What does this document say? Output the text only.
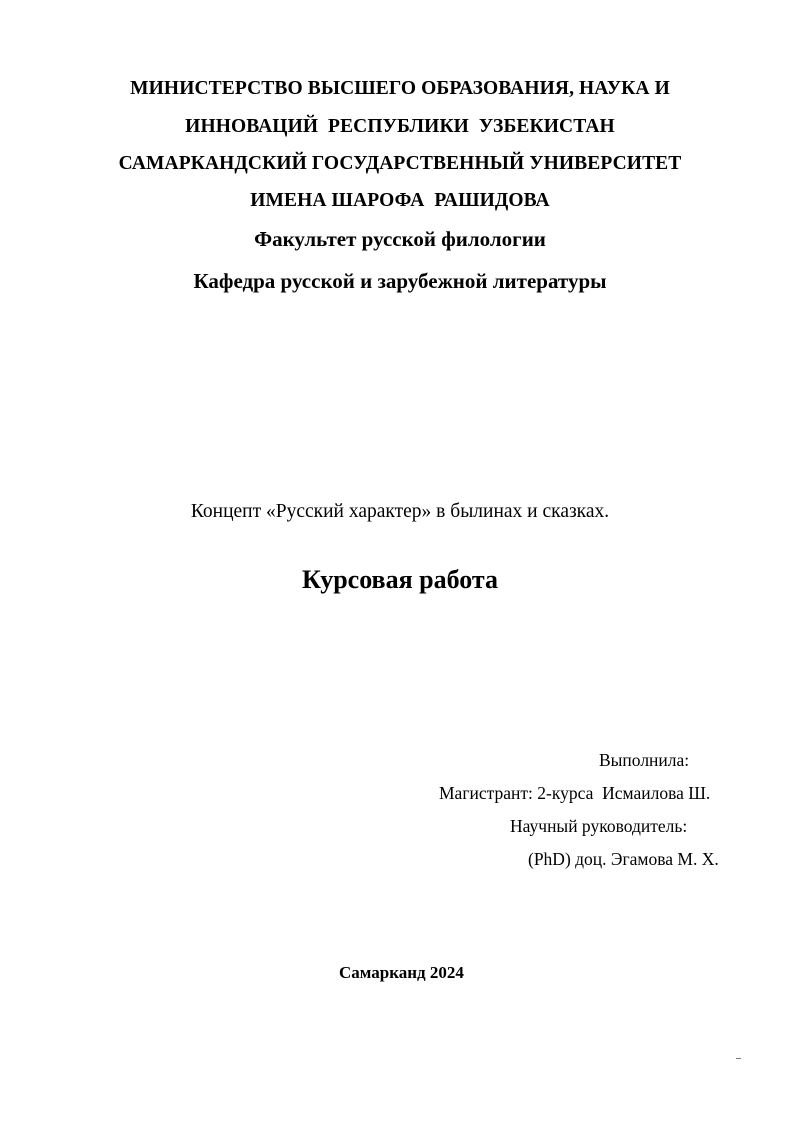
МИНИСТЕРСТВО ВЫСШЕГО ОБРАЗОВАНИЯ, НАУКА И
ИННОВАЦИЙ  РЕСПУБЛИКИ  УЗБЕКИСТАН
САМАРКАНДСКИЙ ГОСУДАРСТВЕННЫЙ УНИВЕРСИТЕТ
ИМЕНА ШАРОФА  РАШИДОВА
Факультет русской филологии
Кафедра русской и зарубежной литературы
Концепт «Русский характер» в былинах и сказках.
Курсовая работа
Выполнила:
Магистрант: 2-курса  Исмаилова Ш.
Научный руководитель:
(PhD) доц. Эгамова М. Х.
Самарканд 2024
–
